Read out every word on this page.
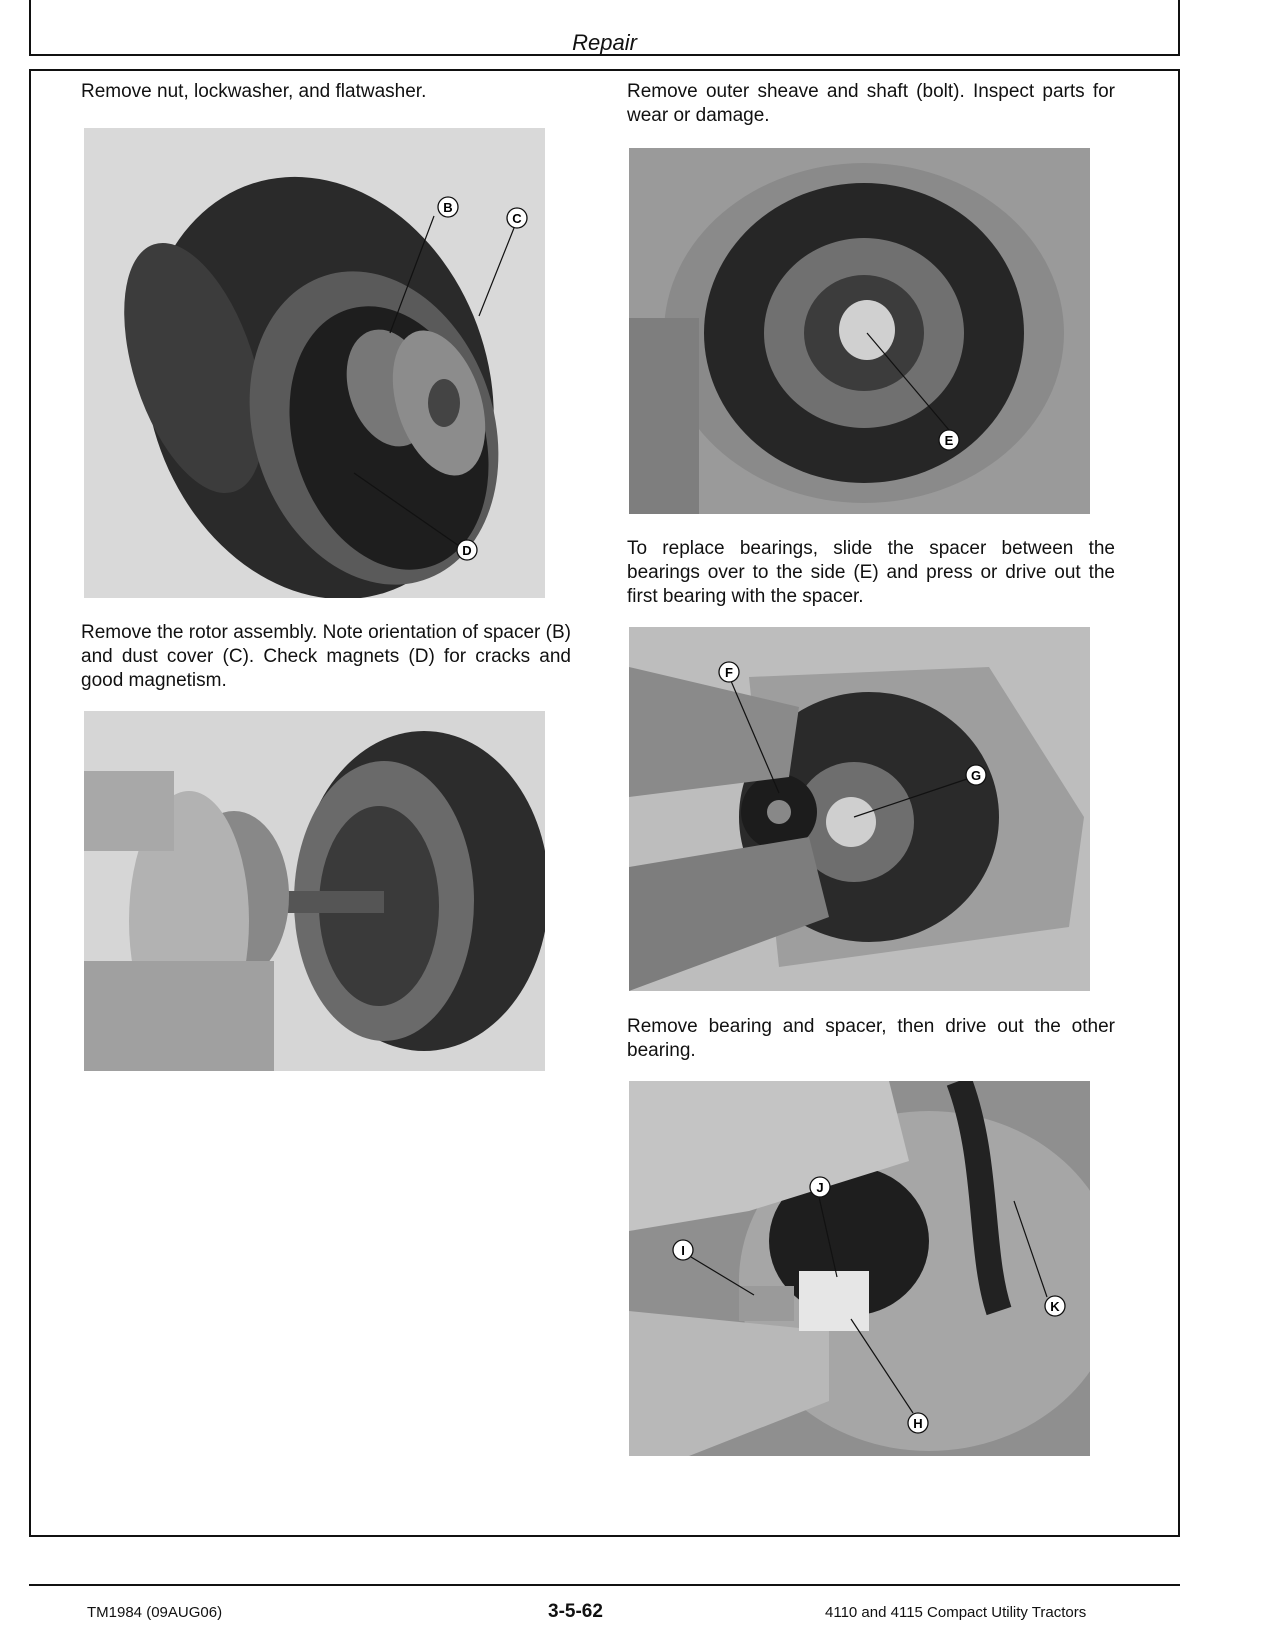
Repair
Remove nut, lockwasher, and flatwasher.
B
C
D
Remove the rotor assembly. Note orientation of spacer (B) and dust cover (C). Check magnets (D) for cracks and good magnetism.
Remove outer sheave and shaft (bolt). Inspect parts for wear or damage.
E
To replace bearings, slide the spacer between the bearings over to the side (E) and press or drive out the first bearing with the spacer.
F
G
Remove bearing and spacer, then drive out the other bearing.
J
I
K
H
TM1984 (09AUG06)	3-5-62	4110 and 4115 Compact Utility Tractors
